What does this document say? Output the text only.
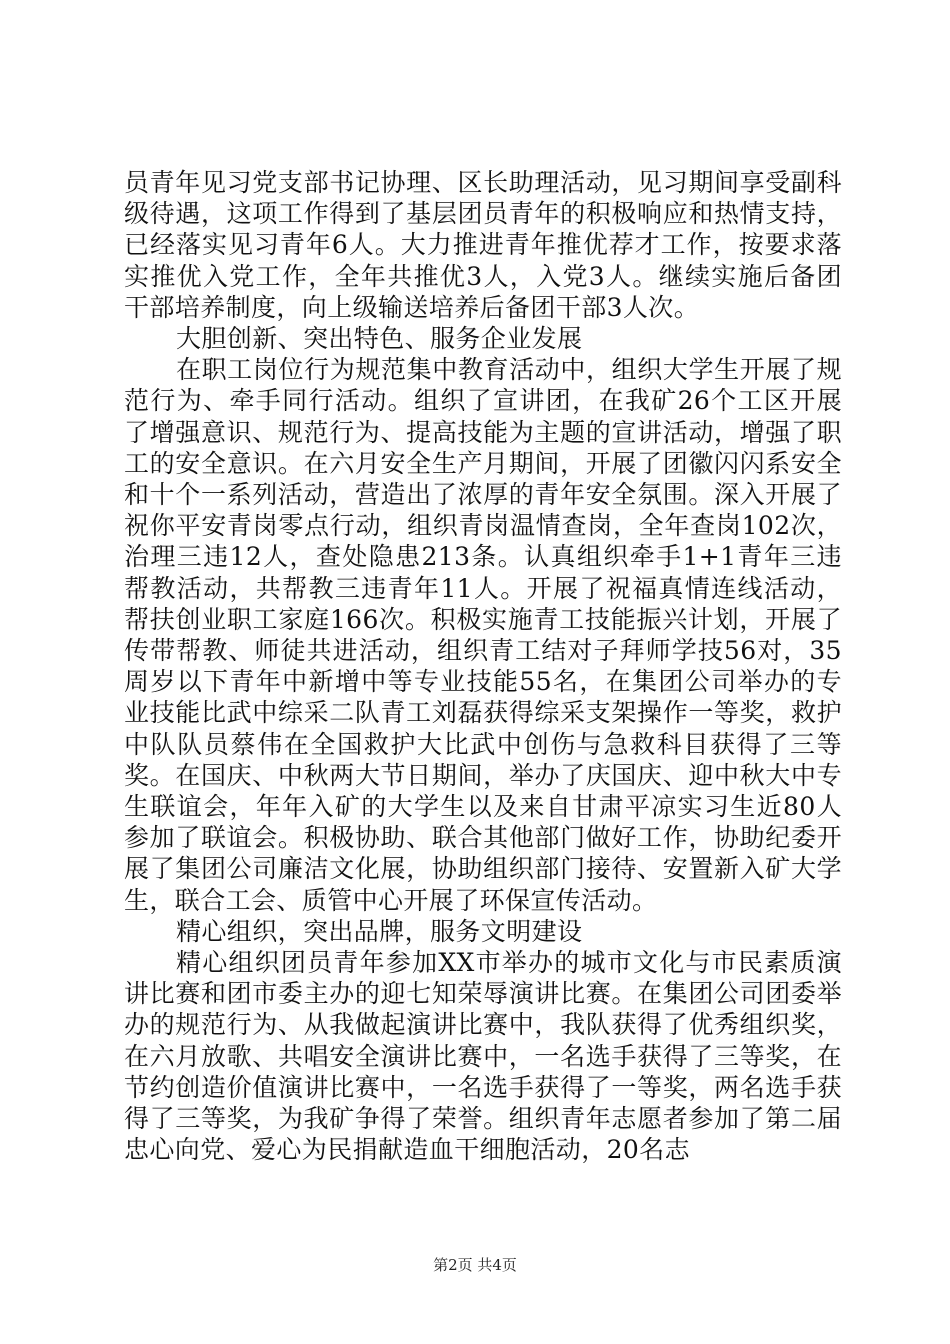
员青年见习党支部书记协理、区长助理活动，见习期间享受副科级待遇，这项工作得到了基层团员青年的积极响应和热情支持，已经落实见习青年6人。大力推进青年推优荐才工作，按要求落实推优入党工作，全年共推优3人，入党3人。继续实施后备团干部培养制度，向上级输送培养后备团干部3人次。

大胆创新、突出特色、服务企业发展

在职工岗位行为规范集中教育活动中，组织大学生开展了规范行为、牵手同行活动。组织了宣讲团，在我矿26个工区开展了增强意识、规范行为、提高技能为主题的宣讲活动，增强了职工的安全意识。在六月安全生产月期间，开展了团徽闪闪系安全和十个一系列活动，营造出了浓厚的青年安全氛围。深入开展了祝你平安青岗零点行动，组织青岗温情查岗，全年查岗102次，治理三违12人，查处隐患213条。认真组织牵手1+1青年三违帮教活动，共帮教三违青年11人。开展了祝福真情连线活动，帮扶创业职工家庭166次。积极实施青工技能振兴计划，开展了传带帮教、师徒共进活动，组织青工结对子拜师学技56对，35周岁以下青年中新增中等专业技能55名，在集团公司举办的专业技能比武中综采二队青工刘磊获得综采支架操作一等奖，救护中队队员蔡伟在全国救护大比武中创伤与急救科目获得了三等奖。在国庆、中秋两大节日期间，举办了庆国庆、迎中秋大中专生联谊会，年年入矿的大学生以及来自甘肃平凉实习生近80人参加了联谊会。积极协助、联合其他部门做好工作，协助纪委开展了集团公司廉洁文化展，协助组织部门接待、安置新入矿大学生，联合工会、质管中心开展了环保宣传活动。

精心组织，突出品牌，服务文明建设

精心组织团员青年参加XX市举办的城市文化与市民素质演讲比赛和团市委主办的迎七知荣辱演讲比赛。在集团公司团委举办的规范行为、从我做起演讲比赛中，我队获得了优秀组织奖，在六月放歌、共唱安全演讲比赛中，一名选手获得了三等奖，在节约创造价值演讲比赛中，一名选手获得了一等奖，两名选手获得了三等奖，为我矿争得了荣誉。组织青年志愿者参加了第二届忠心向党、爱心为民捐献造血干细胞活动，20名志

第2页 共4页
